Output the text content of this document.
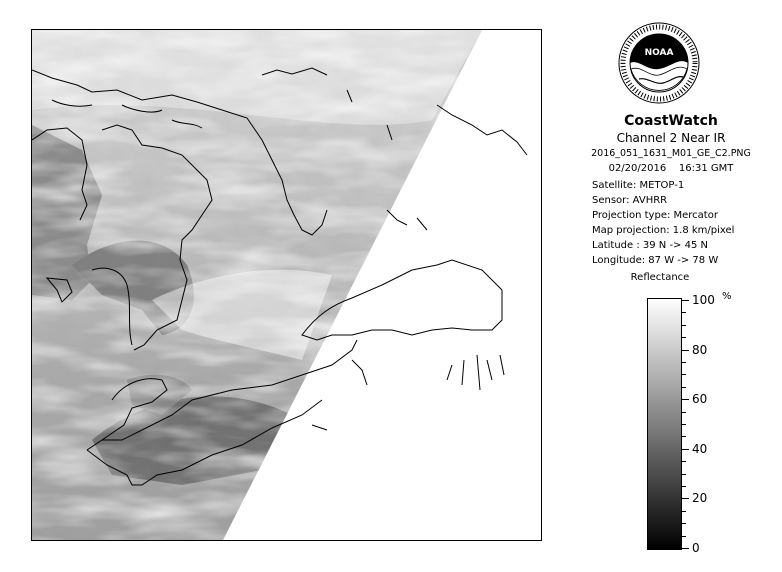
NOAA
CoastWatch
Channel 2 Near IR
2016_051_1631_M01_GE_C2.PNG
02/20/2016    16:31 GMT
Satellite: METOP-1
Sensor: AVHRR
Projection type: Mercator
Map projection: 1.8 km/pixel
Latitude : 39 N -> 45 N
Longitude: 87 W -> 78 W
Reflectance
%
100
80
60
40
20
0
